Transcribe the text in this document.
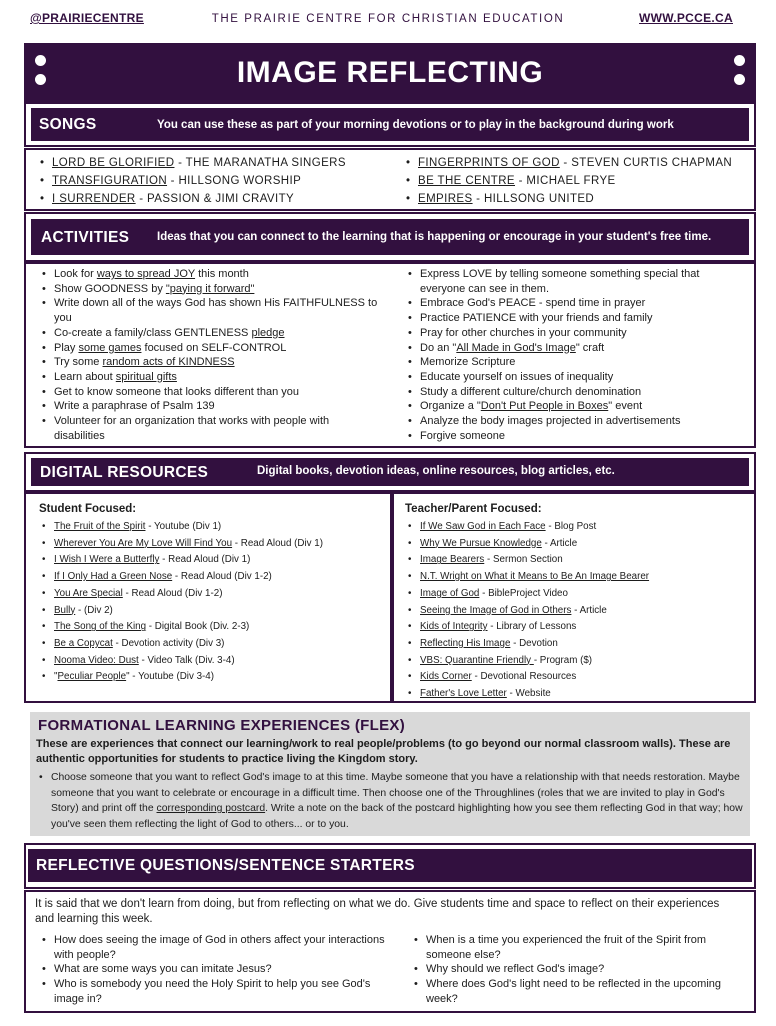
@PRAIRIECENTRE	THE PRAIRIE CENTRE FOR CHRISTIAN EDUCATION	WWW.PCCE.CA
IMAGE REFLECTING
SONGS	You can use these as part of your morning devotions or to play in the background during work
• LORD BE GLORIFIED - THE MARANATHA SINGERS
• TRANSFIGURATION - HILLSONG WORSHIP
• I SURRENDER - PASSION & JIMI CRAVITY
• FINGERPRINTS OF GOD - STEVEN CURTIS CHAPMAN
• BE THE CENTRE - MICHAEL FRYE
• EMPIRES - HILLSONG UNITED
ACTIVITIES Ideas that you can connect to the learning that is happening or encourage in your student's free time.
• Look for ways to spread JOY this month
• Show GOODNESS by "paying it forward"
• Write down all of the ways God has shown His FAITHFULNESS to you
• Co-create a family/class GENTLENESS pledge
• Play some games focused on SELF-CONTROL
• Try some random acts of KINDNESS
• Learn about spiritual gifts
• Get to know someone that looks different than you
• Write a paraphrase of Psalm 139
• Volunteer for an organization that works with people with disabilities
• Express LOVE by telling someone something special that everyone can see in them.
• Embrace God's PEACE - spend time in prayer
• Practice PATIENCE with your friends and family
• Pray for other churches in your community
• Do an "All Made in God's Image" craft
• Memorize Scripture
• Educate yourself on issues of inequality
• Study a different culture/church denomination
• Organize a "Don't Put People in Boxes" event
• Analyze the body images projected in advertisements
• Forgive someone
DIGITAL RESOURCES	Digital books, devotion ideas, online resources, blog articles, etc.
Student Focused:
• The Fruit of the Spirit - Youtube (Div 1)
• Wherever You Are My Love Will Find You - Read Aloud (Div 1)
• I Wish I Were a Butterfly - Read Aloud (Div 1)
• If I Only Had a Green Nose - Read Aloud (Div 1-2)
• You Are Special - Read Aloud (Div 1-2)
• Bully - (Div 2)
• The Song of the King - Digital Book (Div. 2-3)
• Be a Copycat - Devotion activity (Div 3)
• Nooma Video: Dust - Video Talk (Div. 3-4)
• "Peculiar People" - Youtube (Div 3-4)
Teacher/Parent Focused:
• If We Saw God in Each Face - Blog Post
• Why We Pursue Knowledge - Article
• Image Bearers - Sermon Section
• N.T. Wright on What it Means to Be An Image Bearer
• Image of God - BibleProject Video
• Seeing the Image of God in Others - Article
• Kids of Integrity - Library of Lessons
• Reflecting His Image - Devotion
• VBS: Quarantine Friendly - Program ($)
• Kids Corner - Devotional Resources
• Father's Love Letter - Website
FORMATIONAL LEARNING EXPERIENCES (FLEX)
These are experiences that connect our learning/work to real people/problems (to go beyond our normal classroom walls). These are authentic opportunities for students to practice living the Kingdom story.
• Choose someone that you want to reflect God's image to at this time. Maybe someone that you have a relationship with that needs restoration. Maybe someone that you want to celebrate or encourage in a difficult time. Then choose one of the Throughlines (roles that we are invited to play in God's Story) and print off the corresponding postcard. Write a note on the back of the postcard highlighting how you see them reflecting God in that way; how you've seen them reflecting the light of God to others... or to you.
REFLECTIVE QUESTIONS/SENTENCE STARTERS
• How does seeing the image of God in others affect your interactions with people?
• What are some ways you can imitate Jesus?
• Who is somebody you need the Holy Spirit to help you see God's image in?
• When is a time you experienced the fruit of the Spirit from someone else?
• Why should we reflect God's image?
• Where does God's light need to be reflected in the upcoming week?
It is said that we don't learn from doing, but from reflecting on what we do. Give students time and space to reflect on their experiences and learning this week.
